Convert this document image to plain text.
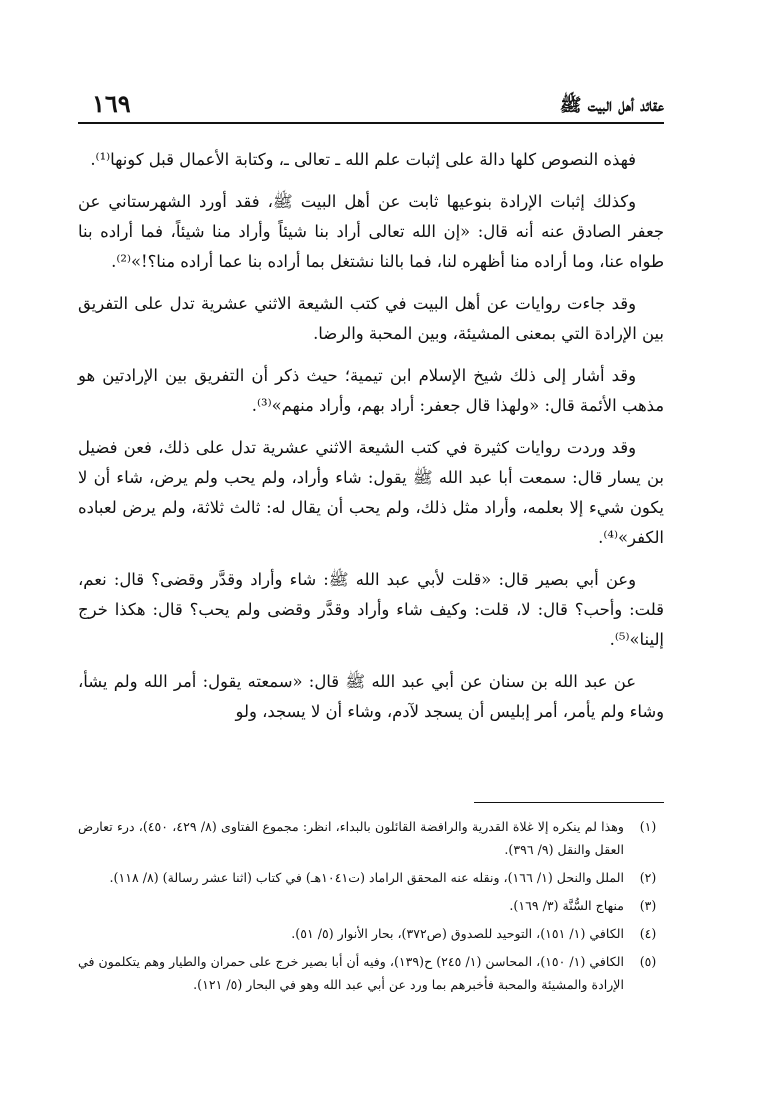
عقائد أهل البيت ﷺ
١٦٩

فهذه النصوص كلها دالة على إثبات علم الله ـ تعالى ـ، وكتابة الأعمال قبل كونها⁽¹⁾.

وكذلك إثبات الإرادة بنوعيها ثابت عن أهل البيت ﷺ، فقد أورد الشهرستاني عن جعفر الصادق عنه أنه قال: «إن الله تعالى أراد بنا شيئاً وأراد منا شيئاً، فما أراده بنا طواه عنا، وما أراده منا أظهره لنا، فما بالنا نشتغل بما أراده بنا عما أراده منا؟!»⁽²⁾.

وقد جاءت روايات عن أهل البيت في كتب الشيعة الاثني عشرية تدل على التفريق بين الإرادة التي بمعنى المشيئة، وبين المحبة والرضا.

وقد أشار إلى ذلك شيخ الإسلام ابن تيمية؛ حيث ذكر أن التفريق بين الإرادتين هو مذهب الأئمة قال: «ولهذا قال جعفر: أراد بهم، وأراد منهم»⁽³⁾.

وقد وردت روايات كثيرة في كتب الشيعة الاثني عشرية تدل على ذلك، فعن فضيل بن يسار قال: سمعت أبا عبد الله ﷺ يقول: شاء وأراد، ولم يحب ولم يرض، شاء أن لا يكون شيء إلا بعلمه، وأراد مثل ذلك، ولم يحب أن يقال له: ثالث ثلاثة، ولم يرض لعباده الكفر»⁽⁴⁾.

وعن أبي بصير قال: «قلت لأبي عبد الله ﷺ: شاء وأراد وقدَّر وقضى؟ قال: نعم، قلت: وأحب؟ قال: لا، قلت: وكيف شاء وأراد وقدَّر وقضى ولم يحب؟ قال: هكذا خرج إلينا»⁽⁵⁾.

عن عبد الله بن سنان عن أبي عبد الله ﷺ قال: «سمعته يقول: أمر الله ولم يشأ، وشاء ولم يأمر، أمر إبليس أن يسجد لآدم، وشاء أن لا يسجد، ولو

(١)
وهذا لم ينكره إلا غلاة القدرية والرافضة القائلون بالبداء، انظر: مجموع الفتاوى (٨/ ٤٢٩، ٤٥٠)، درء تعارض العقل والنقل (٩/ ٣٩٦).
(٢)
الملل والنحل (١/ ١٦٦)، ونقله عنه المحقق الراماد (ت١٠٤١هـ) في كتاب (اثنا عشر رسالة) (٨/ ١١٨).
(٣)
منهاج السُّنَّة (٣/ ١٦٩).
(٤)
الكافي (١/ ١٥١)، التوحيد للصدوق (ص٣٧٢)، بحار الأنوار (٥/ ٥١).
(٥)
الكافي (١/ ١٥٠)، المحاسن (١/ ٢٤٥) ح(١٣٩)، وفيه أن أبا بصير خرج على حمران والطيار وهم يتكلمون في الإرادة والمشيئة والمحبة فأخبرهم بما ورد عن أبي عبد الله وهو في البحار (٥/ ١٢١).
